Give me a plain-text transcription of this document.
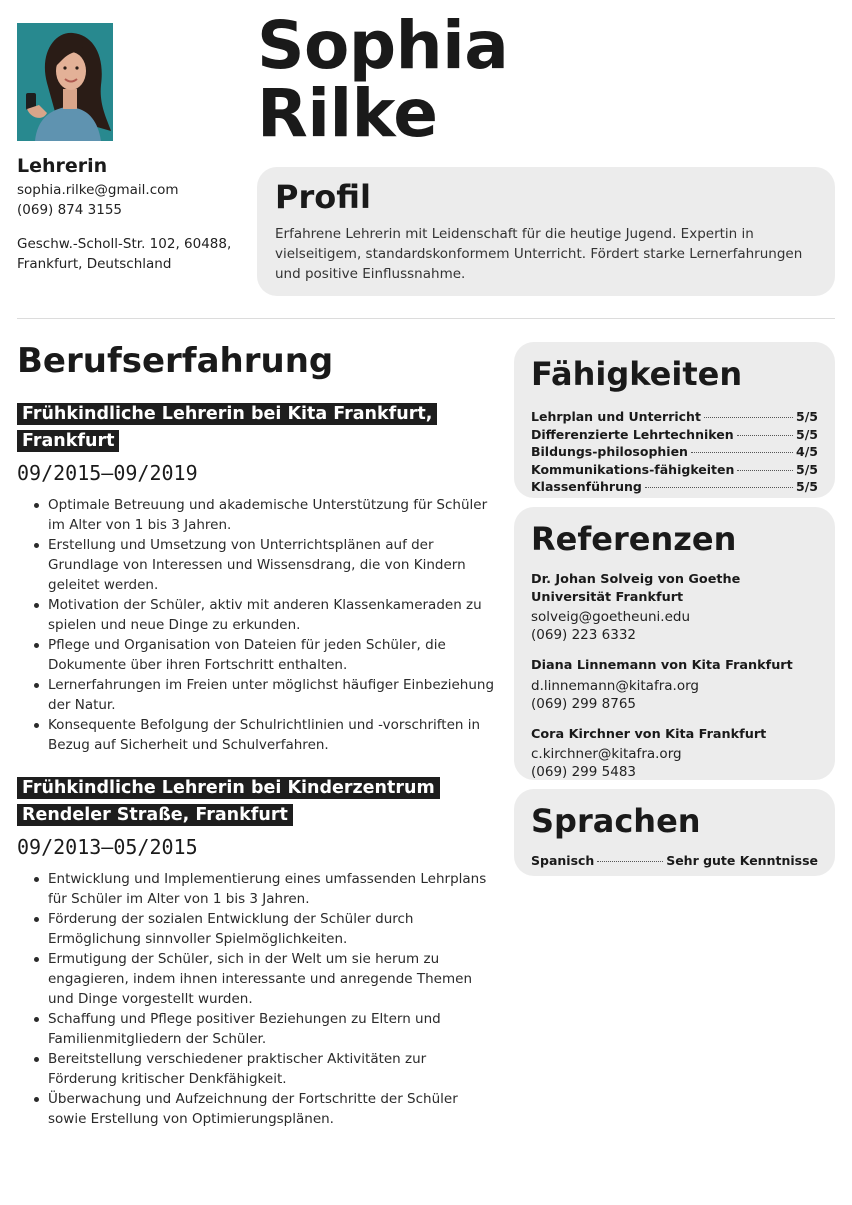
Lehrerin
sophia.rilke@gmail.com
(069) 874 3155
Geschw.-Scholl-Str. 102, 60488,
Frankfurt, Deutschland
Sophia
Rilke
Profil

Erfahrene Lehrerin mit Leidenschaft für die heutige Jugend. Expertin in vielseitigem, standardskonformem Unterricht. Fördert starke Lernerfahrungen und positive Einflussnahme.

Berufserfahrung
Frühkindliche Lehrerin bei Kita Frankfurt, Frankfurt
09/2015—09/2019
Optimale Betreuung und akademische Unterstützung für Schüler im Alter von 1 bis 3 Jahren.
Erstellung und Umsetzung von Unterrichtsplänen auf der Grundlage von Interessen und Wissensdrang, die von Kindern geleitet werden.
Motivation der Schüler, aktiv mit anderen Klassenkameraden zu spielen und neue Dinge zu erkunden.
Pflege und Organisation von Dateien für jeden Schüler, die Dokumente über ihren Fortschritt enthalten.
Lernerfahrungen im Freien unter möglichst häufiger Einbeziehung der Natur.
Konsequente Befolgung der Schulrichtlinien und -vorschriften in Bezug auf Sicherheit und Schulverfahren.
Frühkindliche Lehrerin bei Kinderzentrum Rendeler Straße, Frankfurt
09/2013—05/2015
Entwicklung und Implementierung eines umfassenden Lehrplans für Schüler im Alter von 1 bis 3 Jahren.
Förderung der sozialen Entwicklung der Schüler durch Ermöglichung sinnvoller Spielmöglichkeiten.
Ermutigung der Schüler, sich in der Welt um sie herum zu engagieren, indem ihnen interessante und anregende Themen und Dinge vorgestellt wurden.
Schaffung und Pflege positiver Beziehungen zu Eltern und Familienmitgliedern der Schüler.
Bereitstellung verschiedener praktischer Aktivitäten zur Förderung kritischer Denkfähigkeit.
Überwachung und Aufzeichnung der Fortschritte der Schüler sowie Erstellung von Optimierungsplänen.
Fähigkeiten
Lehrplan und Unterricht	5/5
Differenzierte Lehrtechniken	5/5
Bildungs-philosophien	4/5
Kommunikations-fähigkeiten	5/5
Klassenführung	5/5
Referenzen
Dr. Johan Solveig von Goethe Universität Frankfurt
solveig@goetheuni.edu
(069) 223 6332
Diana Linnemann von Kita Frankfurt
d.linnemann@kitafra.org
(069) 299 8765
Cora Kirchner von Kita Frankfurt
c.kirchner@kitafra.org
(069) 299 5483
Sprachen
Spanisch	Sehr gute Kenntnisse
